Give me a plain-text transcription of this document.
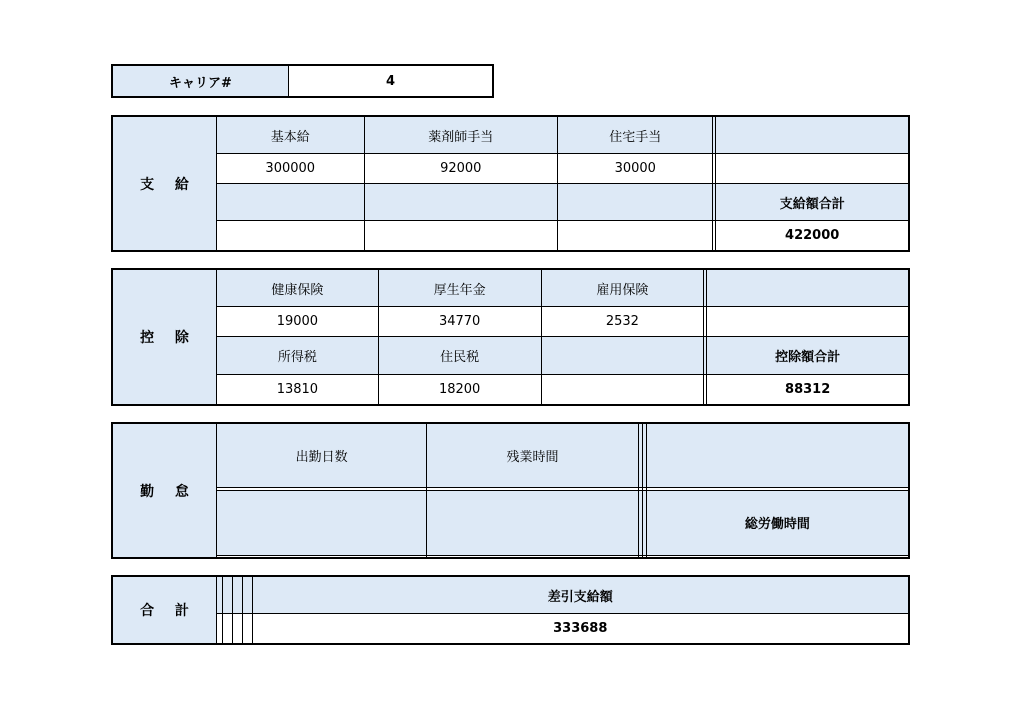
キャリア#	4
支 給
基本給	薬剤師手当	住宅手当		
300000	92000	30000		
				支給額合計
				422000
控 除
健康保険	厚生年金	雇用保険		
19000	34770	2532		
所得税	住民税			控除額合計
13810	18200			88312
勤 怠
出勤日数	残業時間			

				総労働時間

合 計
				差引支給額
				333688
